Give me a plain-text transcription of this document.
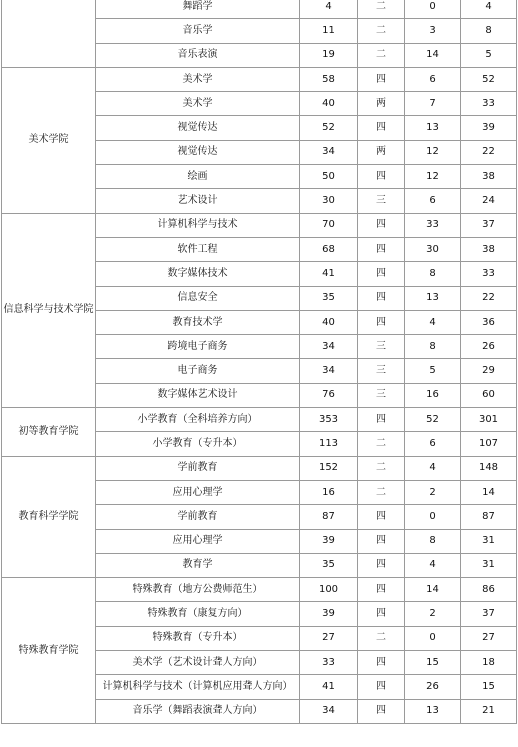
	舞蹈学	4	二	0	4
	音乐学	11	二	3	8
	音乐表演	19	二	14	5
美术学院	美术学	58	四	6	52
	美术学	40	两	7	33
	视觉传达	52	四	13	39
	视觉传达	34	两	12	22
	绘画	50	四	12	38
	艺术设计	30	三	6	24
信息科学与技术学院	计算机科学与技术	70	四	33	37
	软件工程	68	四	30	38
	数字媒体技术	41	四	8	33
	信息安全	35	四	13	22
	教育技术学	40	四	4	36
	跨境电子商务	34	三	8	26
	电子商务	34	三	5	29
	数字媒体艺术设计	76	三	16	60
初等教育学院	小学教育（全科培养方向）	353	四	52	301
	小学教育（专升本）	113	二	6	107
教育科学学院	学前教育	152	二	4	148
	应用心理学	16	二	2	14
	学前教育	87	四	0	87
	应用心理学	39	四	8	31
	教育学	35	四	4	31
特殊教育学院	特殊教育（地方公费师范生）	100	四	14	86
	特殊教育（康复方向）	39	四	2	37
	特殊教育（专升本）	27	二	0	27
	美术学（艺术设计聋人方向）	33	四	15	18
	计算机科学与技术（计算机应用聋人方向）	41	四	26	15
	音乐学（舞蹈表演聋人方向）	34	四	13	21
